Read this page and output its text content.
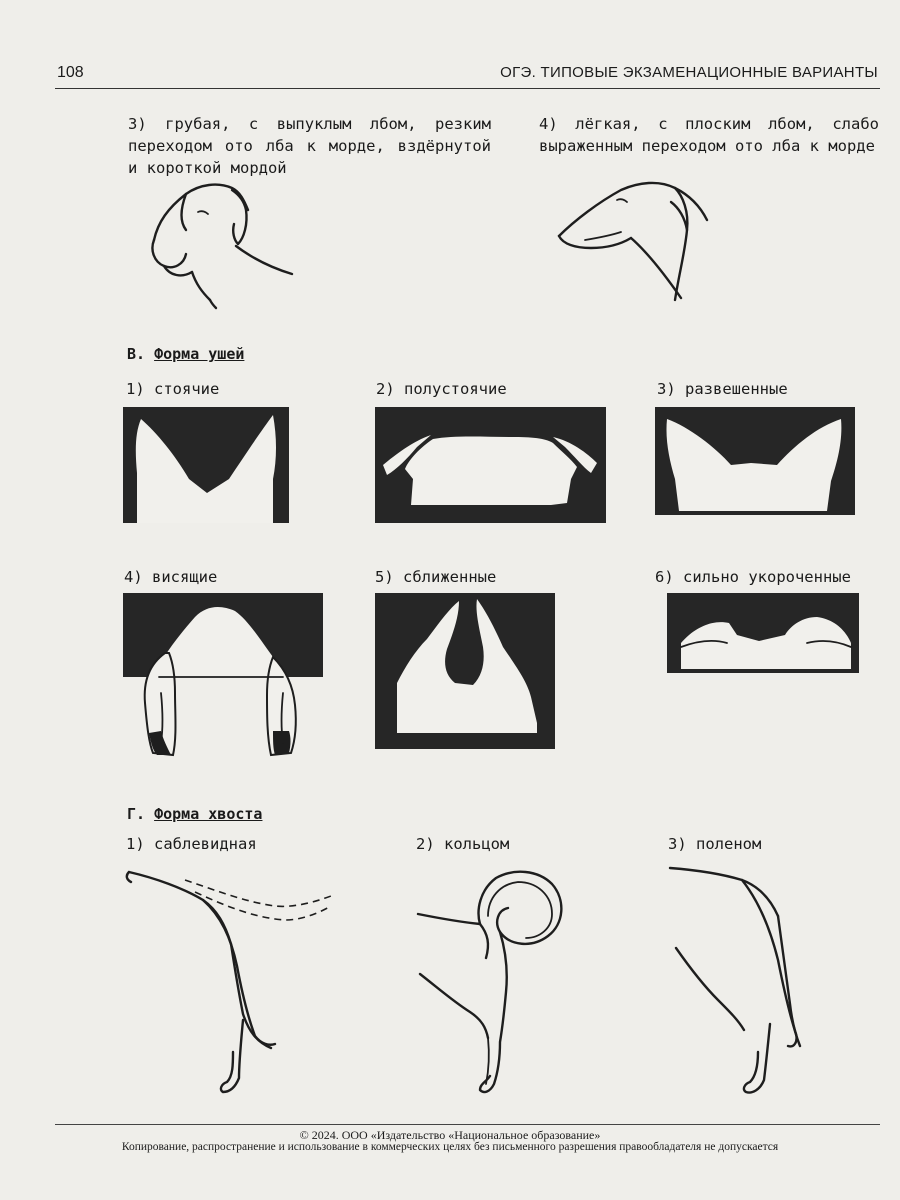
108	ОГЭ. ТИПОВЫЕ ЭКЗАМЕНАЦИОННЫЕ ВАРИАНТЫ

3) грубая, с выпуклым лбом, резким переходом ото лба к морде, вздёрнутой и короткой мордой

4) лёгкая, с плоским лбом, слабо выраженным переходом ото лба к морде

В. Форма ушей
1) стоячие	2) полустоячие	3) развешенные
4) висящие	5) сближенные	6) сильно укороченные
Г. Форма хвоста
1) саблевидная	2) кольцом	3) поленом
© 2024. ООО «Издательство «Национальное образование»
Копирование, распространение и использование в коммерческих целях без письменного разрешения правообладателя не допускается
